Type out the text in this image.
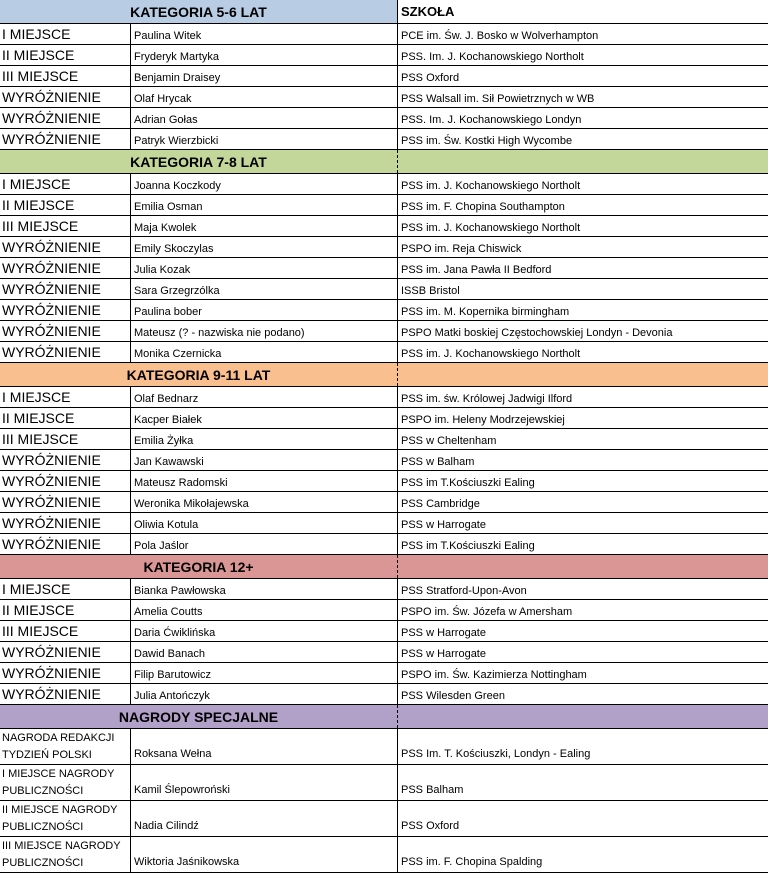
KATEGORIA 5-6 LAT	SZKOŁA
I MIEJSCE	Paulina Witek	PCE im. Św. J. Bosko w Wolverhampton
II MIEJSCE	Fryderyk Martyka	PSS. Im. J. Kochanowskiego Northolt
III MIEJSCE	Benjamin Draisey	PSS Oxford
WYRÓŻNIENIE	Olaf Hrycak	PSS Walsall im. Sił Powietrznych w WB
WYRÓŻNIENIE	Adrian Gołas	PSS. Im. J. Kochanowskiego Londyn
WYRÓŻNIENIE	Patryk Wierzbicki	PSS im. Św. Kostki High Wycombe
KATEGORIA 7-8 LAT
I MIEJSCE	Joanna Koczkody	PSS im. J. Kochanowskiego Northolt
II MIEJSCE	Emilia Osman	PSS im. F. Chopina Southampton
III MIEJSCE	Maja Kwolek	PSS im. J. Kochanowskiego Northolt
WYRÓŻNIENIE	Emily Skoczylas	PSPO im. Reja Chiswick
WYRÓŻNIENIE	Julia Kozak	PSS im. Jana Pawła II Bedford
WYRÓŻNIENIE	Sara Grzegrzólka	ISSB Bristol
WYRÓŻNIENIE	Paulina bober	PSS im. M. Kopernika birmingham
WYRÓŻNIENIE	Mateusz (? - nazwiska nie podano)	PSPO Matki boskiej Częstochowskiej Londyn - Devonia
WYRÓŻNIENIE	Monika Czernicka	PSS im. J. Kochanowskiego Northolt
KATEGORIA 9-11 LAT
I MIEJSCE	Olaf Bednarz	PSS im. św. Królowej Jadwigi Ilford
II MIEJSCE	Kacper Białek	PSPO im. Heleny Modrzejewskiej
III MIEJSCE	Emilia Żyłka	PSS w Cheltenham
WYRÓŻNIENIE	Jan Kawawski	PSS w Balham
WYRÓŻNIENIE	Mateusz Radomski	PSS im T.Kościuszki Ealing
WYRÓŻNIENIE	Weronika Mikołajewska	PSS Cambridge
WYRÓŻNIENIE	Oliwia Kotula	PSS w Harrogate
WYRÓŻNIENIE	Pola Jaślor	PSS im T.Kościuszki Ealing
KATEGORIA 12+
I MIEJSCE	Bianka Pawłowska	PSS Stratford-Upon-Avon
II MIEJSCE	Amelia Coutts	PSPO im. Św. Józefa w Amersham
III MIEJSCE	Daria Ćwiklińska	PSS w Harrogate
WYRÓŻNIENIE	Dawid Banach	PSS w Harrogate
WYRÓŻNIENIE	Filip Barutowicz	PSPO im. Św. Kazimierza Nottingham
WYRÓŻNIENIE	Julia Antończyk	PSS Wilesden Green
NAGRODY SPECJALNE
NAGRODA REDAKCJI
TYDZIEŃ POLSKI	Roksana Wełna	PSS Im. T. Kościuszki, Londyn - Ealing
I MIEJSCE NAGRODY
PUBLICZNOŚCI	Kamil Ślepowroński	PSS Balham
II MIEJSCE NAGRODY
PUBLICZNOŚCI	Nadia Cilindź	PSS Oxford
III MIEJSCE NAGRODY
PUBLICZNOŚCI	Wiktoria Jaśnikowska	PSS im. F. Chopina Spalding
